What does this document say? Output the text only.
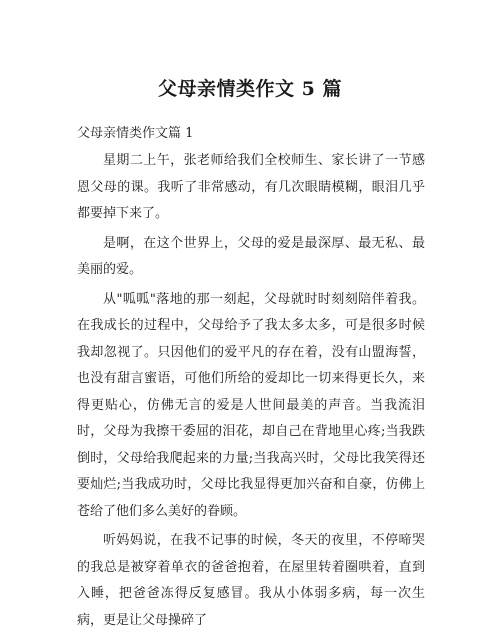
父母亲情类作文 5 篇
父母亲情类作文篇 1

星期二上午，张老师给我们全校师生、家长讲了一节感恩父母的课。我听了非常感动，有几次眼睛模糊，眼泪几乎都要掉下来了。

是啊，在这个世界上，父母的爱是最深厚、最无私、最美丽的爱。

从"呱呱"落地的那一刻起，父母就时时刻刻陪伴着我。在我成长的过程中，父母给予了我太多太多，可是很多时候我却忽视了。只因他们的爱平凡的存在着，没有山盟海誓，也没有甜言蜜语，可他们所给的爱却比一切来得更长久，来得更贴心，仿佛无言的爱是人世间最美的声音。当我流泪时，父母为我擦干委屈的泪花，却自己在背地里心疼;当我跌倒时，父母给我爬起来的力量;当我高兴时，父母比我笑得还要灿烂;当我成功时，父母比我显得更加兴奋和自豪，仿佛上苍给了他们多么美好的眷顾。

听妈妈说，在我不记事的时候，冬天的夜里，不停啼哭的我总是被穿着单衣的爸爸抱着，在屋里转着圈哄着，直到入睡，把爸爸冻得反复感冒。我从小体弱多病，每一次生病，更是让父母操碎了
